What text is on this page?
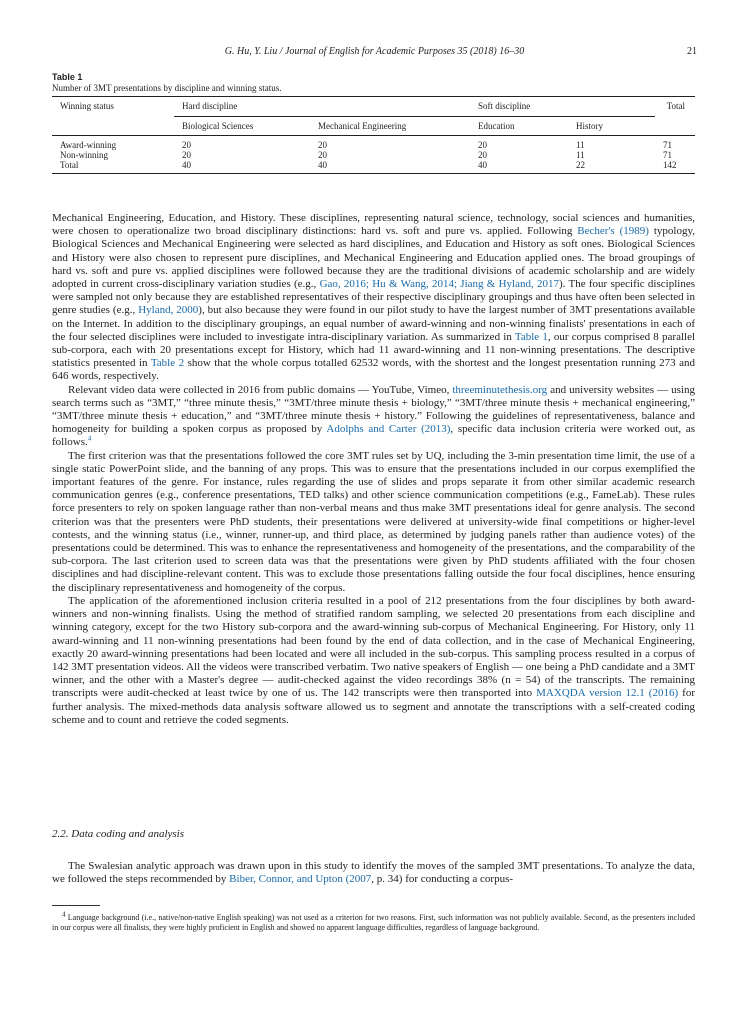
G. Hu, Y. Liu / Journal of English for Academic Purposes 35 (2018) 16–30	21
Table 1
Number of 3MT presentations by discipline and winning status.
Winning status	Hard discipline		Soft discipline		Total
	Biological Sciences	Mechanical Engineering	Education	History	
Award-winning	20	20	20	11	71
Non-winning	20	20	20	11	71
Total	40	40	40	22	142

Mechanical Engineering, Education, and History. These disciplines, representing natural science, technology, social sciences and humanities, were chosen to operationalize two broad disciplinary distinctions: hard vs. soft and pure vs. applied. Following Becher's (1989) typology, Biological Sciences and Mechanical Engineering were selected as hard disciplines, and Education and History as soft ones. Biological Sciences and History were also chosen to represent pure disciplines, and Mechanical Engineering and Education applied ones. The broad groupings of hard vs. soft and pure vs. applied disciplines were followed because they are the traditional divisions of academic scholarship and are widely adopted in current cross-disciplinary variation studies (e.g., Gao, 2016; Hu & Wang, 2014; Jiang & Hyland, 2017). The four specific disciplines were sampled not only because they are established representatives of their respective disciplinary groupings and thus have often been selected in genre studies (e.g., Hyland, 2000), but also because they were found in our pilot study to have the largest number of 3MT presentations available on the Internet. In addition to the disciplinary groupings, an equal number of award-winning and non-winning finalists' presentations in each of the four selected disciplines were included to investigate intra-disciplinary variation. As summarized in Table 1, our corpus comprised 8 parallel sub-corpora, each with 20 presentations except for History, which had 11 award-winning and 11 non-winning presentations. The descriptive statistics presented in Table 2 show that the whole corpus totalled 62532 words, with the shortest and the longest presentation running 273 and 646 words, respectively.

Relevant video data were collected in 2016 from public domains — YouTube, Vimeo, threeminutethesis.org and university websites — using search terms such as “3MT,” “three minute thesis,” “3MT/three minute thesis + biology,” “3MT/three minute thesis + mechanical engineering,” “3MT/three minute thesis + education,” and “3MT/three minute thesis + history.” Following the guidelines of representativeness, balance and homogeneity for building a spoken corpus as proposed by Adolphs and Carter (2013), specific data inclusion criteria were worked out, as follows.$^4$

The first criterion was that the presentations followed the core 3MT rules set by UQ, including the 3-min presentation time limit, the use of a single static PowerPoint slide, and the banning of any props. This was to ensure that the presentations included in our corpus exemplified the important features of the genre. For instance, rules regarding the use of slides and props separate it from other similar academic research communication genres (e.g., conference presentations, TED talks) and other science communication competitions (e.g., FameLab). These rules force presenters to rely on spoken language rather than non-verbal means and thus make 3MT presentations ideal for genre analysis. The second criterion was that the presenters were PhD students, their presentations were delivered at university-wide final competitions or higher-level contests, and the winning status (i.e., winner, runner-up, and third place, as determined by judging panels rather than audience votes) of the presentations could be determined. This was to enhance the representativeness and homogeneity of the presentations, and the comparability of the sub-corpora. The last criterion used to screen data was that the presentations were given by PhD students affiliated with the four chosen disciplines and had discipline-relevant content. This was to exclude those presentations falling outside the four focal disciplines, hence ensuring the disciplinary representativeness and homogeneity of the corpus.

The application of the aforementioned inclusion criteria resulted in a pool of 212 presentations from the four disciplines by both award-winners and non-winning finalists. Using the method of stratified random sampling, we selected 20 presentations from each discipline and winning category, except for the two History sub-corpora and the award-winning sub-corpus of Mechanical Engineering. For History, only 11 award-winning and 11 non-winning presentations had been found by the end of data collection, and in the case of Mechanical Engineering, exactly 20 award-winning presentations had been located and were all included in the sub-corpus. This sampling process resulted in a corpus of 142 3MT presentation videos. All the videos were transcribed verbatim. Two native speakers of English — one being a PhD candidate and a 3MT winner, and the other with a Master's degree — audit-checked against the video recordings 38% (n = 54) of the transcripts. The remaining transcripts were audit-checked at least twice by one of us. The 142 transcripts were then transported into MAXQDA version 12.1 (2016) for further analysis. The mixed-methods data analysis software allowed us to segment and annotate the transcriptions with a self-created coding scheme and to count and retrieve the coded segments.

2.2. Data coding and analysis

The Swalesian analytic approach was drawn upon in this study to identify the moves of the sampled 3MT presentations. To analyze the data, we followed the steps recommended by Biber, Connor, and Upton (2007, p. 34) for conducting a corpus-

$^4$ Language background (i.e., native/non-native English speaking) was not used as a criterion for two reasons. First, such information was not publicly available. Second, as the presenters included in our corpus were all finalists, they were highly proficient in English and showed no apparent language difficulties, regardless of language background.
